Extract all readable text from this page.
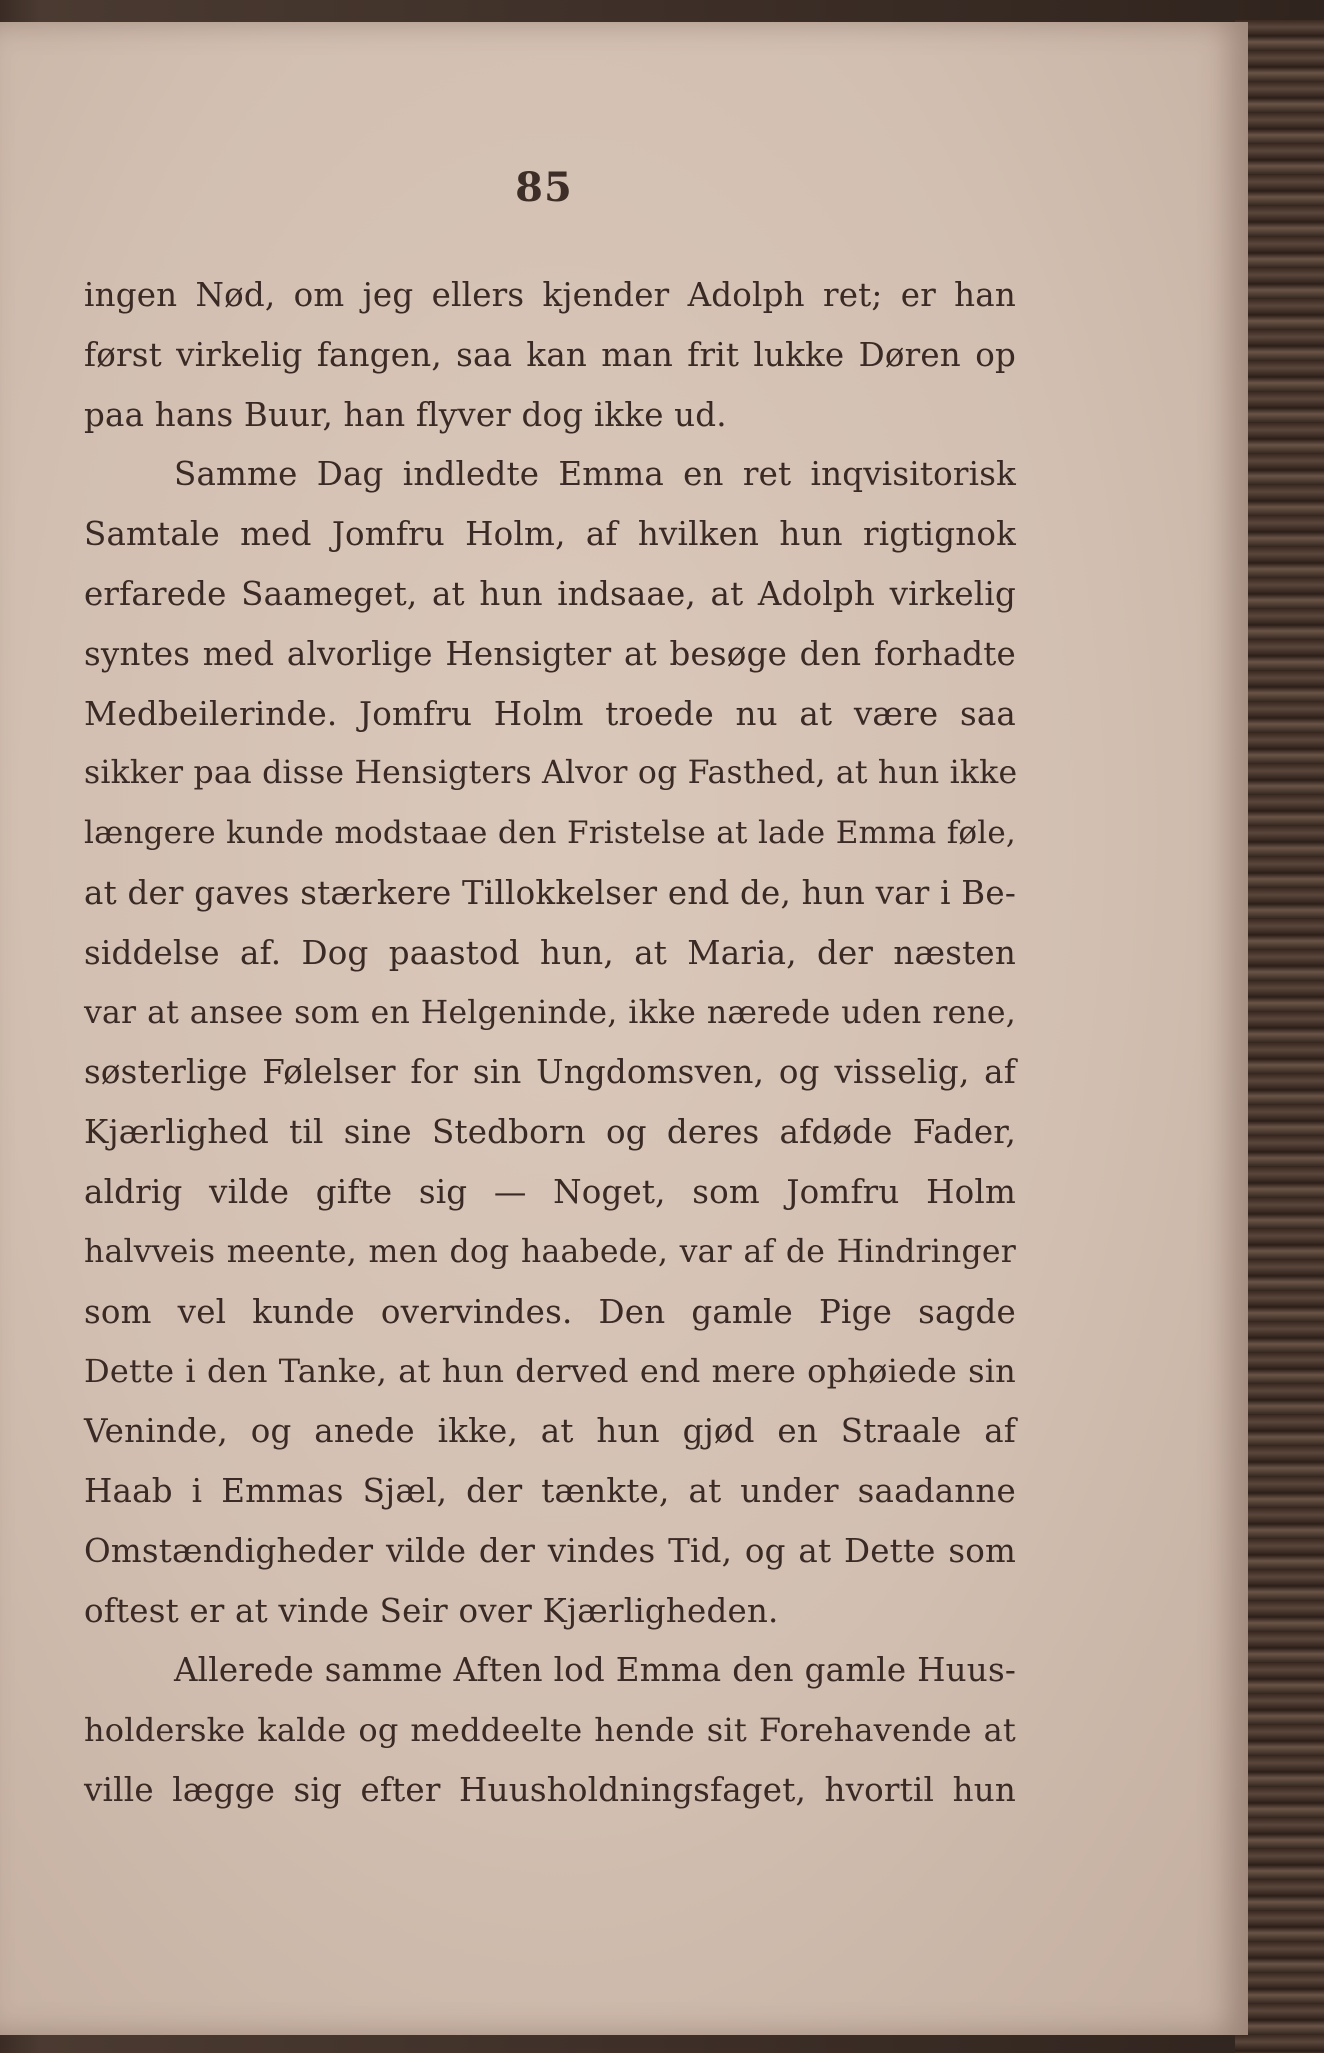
85
ingen Nød, om jeg ellers kjender Adolph ret; er han
først virkelig fangen, saa kan man frit lukke Døren op
paa hans Buur, han flyver dog ikke ud.
Samme Dag indledte Emma en ret inqvisitorisk
Samtale med Jomfru Holm, af hvilken hun rigtignok
erfarede Saameget, at hun indsaae, at Adolph virkelig
syntes med alvorlige Hensigter at besøge den forhadte
Medbeilerinde. Jomfru Holm troede nu at være saa
sikker paa disse Hensigters Alvor og Fasthed, at hun ikke
længere kunde modstaae den Fristelse at lade Emma føle,
at der gaves stærkere Tillokkelser end de, hun var i Be-
siddelse af. Dog paastod hun, at Maria, der næsten
var at ansee som en Helgeninde, ikke nærede uden rene,
søsterlige Følelser for sin Ungdomsven, og visselig, af
Kjærlighed til sine Stedborn og deres afdøde Fader,
aldrig vilde gifte sig — Noget, som Jomfru Holm
halvveis meente, men dog haabede, var af de Hindringer
som vel kunde overvindes. Den gamle Pige sagde
Dette i den Tanke, at hun derved end mere ophøiede sin
Veninde, og anede ikke, at hun gjød en Straale af
Haab i Emmas Sjæl, der tænkte, at under saadanne
Omstændigheder vilde der vindes Tid, og at Dette som
oftest er at vinde Seir over Kjærligheden.
Allerede samme Aften lod Emma den gamle Huus-
holderske kalde og meddeelte hende sit Forehavende at
ville lægge sig efter Huusholdningsfaget, hvortil hun
